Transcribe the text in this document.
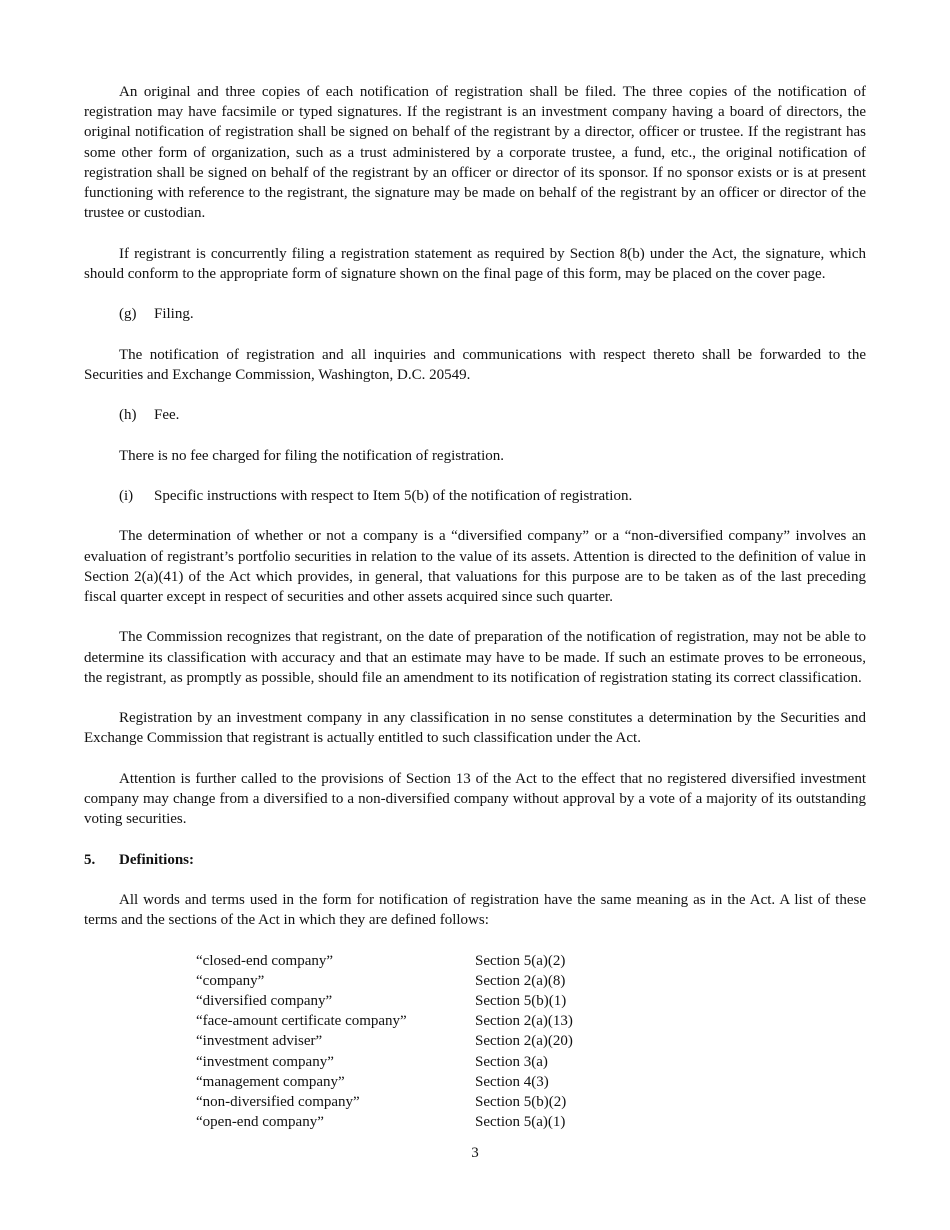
An original and three copies of each notification of registration shall be filed. The three copies of the notification of registration may have facsimile or typed signatures. If the registrant is an investment company having a board of directors, the original notification of registration shall be signed on behalf of the registrant by a director, officer or trustee. If the registrant has some other form of organization, such as a trust administered by a corporate trustee, a fund, etc., the original notification of registration shall be signed on behalf of the registrant by an officer or director of its sponsor. If no sponsor exists or is at present functioning with reference to the registrant, the signature may be made on behalf of the registrant by an officer or director of the trustee or custodian.

If registrant is concurrently filing a registration statement as required by Section 8(b) under the Act, the signature, which should conform to the appropriate form of signature shown on the final page of this form, may be placed on the cover page.

(g) Filing.

The notification of registration and all inquiries and communications with respect thereto shall be forwarded to the Securities and Exchange Commission, Washington, D.C. 20549.

(h) Fee.

There is no fee charged for filing the notification of registration.

(i) Specific instructions with respect to Item 5(b) of the notification of registration.

The determination of whether or not a company is a “diversified company” or a “non-diversified company” involves an evaluation of registrant’s portfolio securities in relation to the value of its assets. Attention is directed to the definition of value in Section 2(a)(41) of the Act which provides, in general, that valuations for this purpose are to be taken as of the last preceding fiscal quarter except in respect of securities and other assets acquired since such quarter.

The Commission recognizes that registrant, on the date of preparation of the notification of registration, may not be able to determine its classification with accuracy and that an estimate may have to be made. If such an estimate proves to be erroneous, the registrant, as promptly as possible, should file an amendment to its notification of registration stating its correct classification.

Registration by an investment company in any classification in no sense constitutes a determination by the Securities and Exchange Commission that registrant is actually entitled to such classification under the Act.

Attention is further called to the provisions of Section 13 of the Act to the effect that no registered diversified investment company may change from a diversified to a non-diversified company without approval by a vote of a majority of its outstanding voting securities.

5. Definitions:

All words and terms used in the form for notification of registration have the same meaning as in the Act. A list of these terms and the sections of the Act in which they are defined follows:

“closed-end company”	Section 5(a)(2)
“company”	Section 2(a)(8)
“diversified company”	Section 5(b)(1)
“face-amount certificate company”	Section 2(a)(13)
“investment adviser”	Section 2(a)(20)
“investment company”	Section 3(a)
“management company”	Section 4(3)
“non-diversified company”	Section 5(b)(2)
“open-end company”	Section 5(a)(1)
3
